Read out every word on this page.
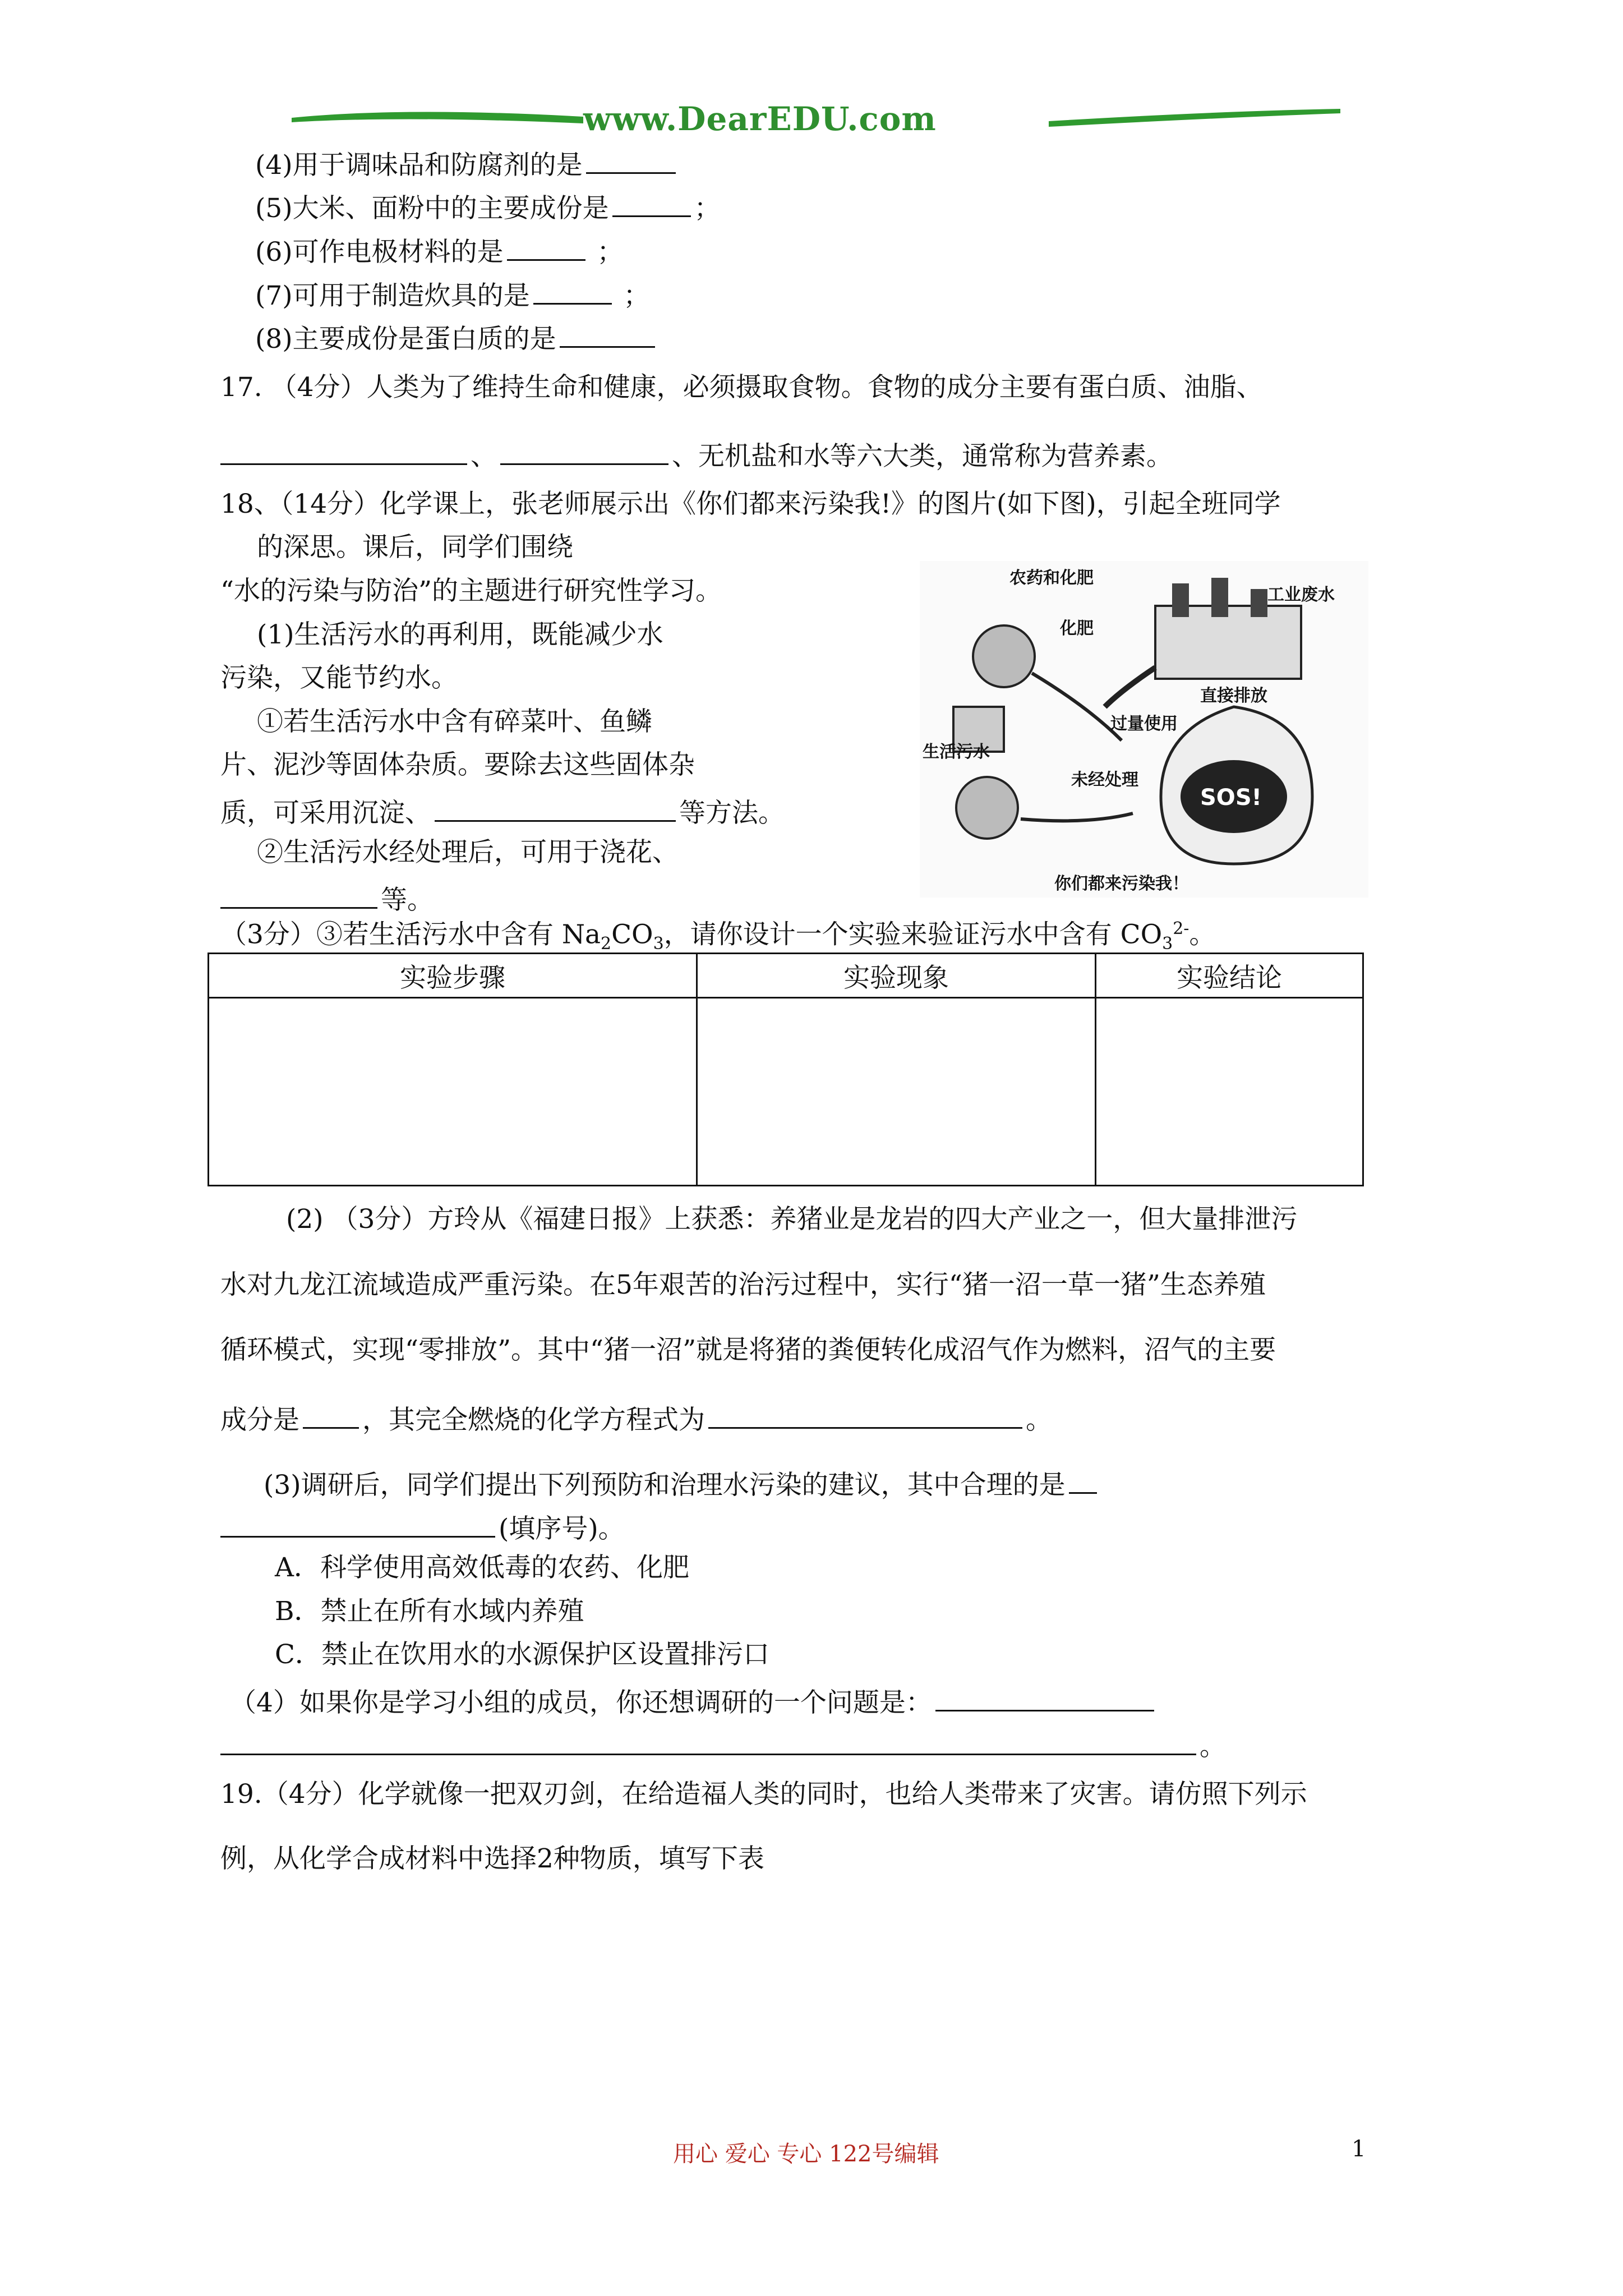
www.DearEDU.com
(4)用于调味品和防腐剂的是
(5)大米、面粉中的主要成份是	；
(6)可作电极材料的是	；
(7)可用于制造炊具的是	；
(8)主要成份是蛋白质的是
17. （4分）人类为了维持生命和健康，必须摄取食物。食物的成分主要有蛋白质、油脂、
、	、无机盐和水等六大类，通常称为营养素。
18、（14分）化学课上，张老师展示出《你们都来污染我!》的图片(如下图)，引起全班同学
的深思。课后，同学们围绕
“水的污染与防治”的主题进行研究性学习。
(1)生活污水的再利用，既能减少水
污染，又能节约水。
①若生活污水中含有碎菜叶、鱼鳞
片、泥沙等固体杂质。要除去这些固体杂
质，可采用沉淀、	等方法。
②生活污水经处理后，可用于浇花、
等。
SOS!
农药和化肥
工业废水
化肥
直接排放
过量使用
生活污水
未经处理
你们都来污染我！
（3分）③若生活污水中含有 $Na_2CO_3$，请你设计一个实验来验证污水中含有 $CO_3^{2-}$。
实验步骤	实验现象	实验结论

(2) （3分）方玲从《福建日报》上获悉：养猪业是龙岩的四大产业之一，但大量排泄污
水对九龙江流域造成严重污染。在5年艰苦的治污过程中，实行“猪一沼一草一猪”生态养殖
循环模式，实现“零排放”。其中“猪一沼”就是将猪的粪便转化成沼气作为燃料，沼气的主要
成分是 ，其完全燃烧的化学方程式为	。
(3)调研后，同学们提出下列预防和治理水污染的建议，其中合理的是
(填序号)。
A．科学使用高效低毒的农药、化肥
B．禁止在所有水域内养殖
C．禁止在饮用水的水源保护区设置排污口
（4）如果你是学习小组的成员，你还想调研的一个问题是：
。
19.（4分）化学就像一把双刃剑，在给造福人类的同时，也给人类带来了灾害。请仿照下列示
例，从化学合成材料中选择2种物质，填写下表
用心 爱心 专心 122号编辑	1
